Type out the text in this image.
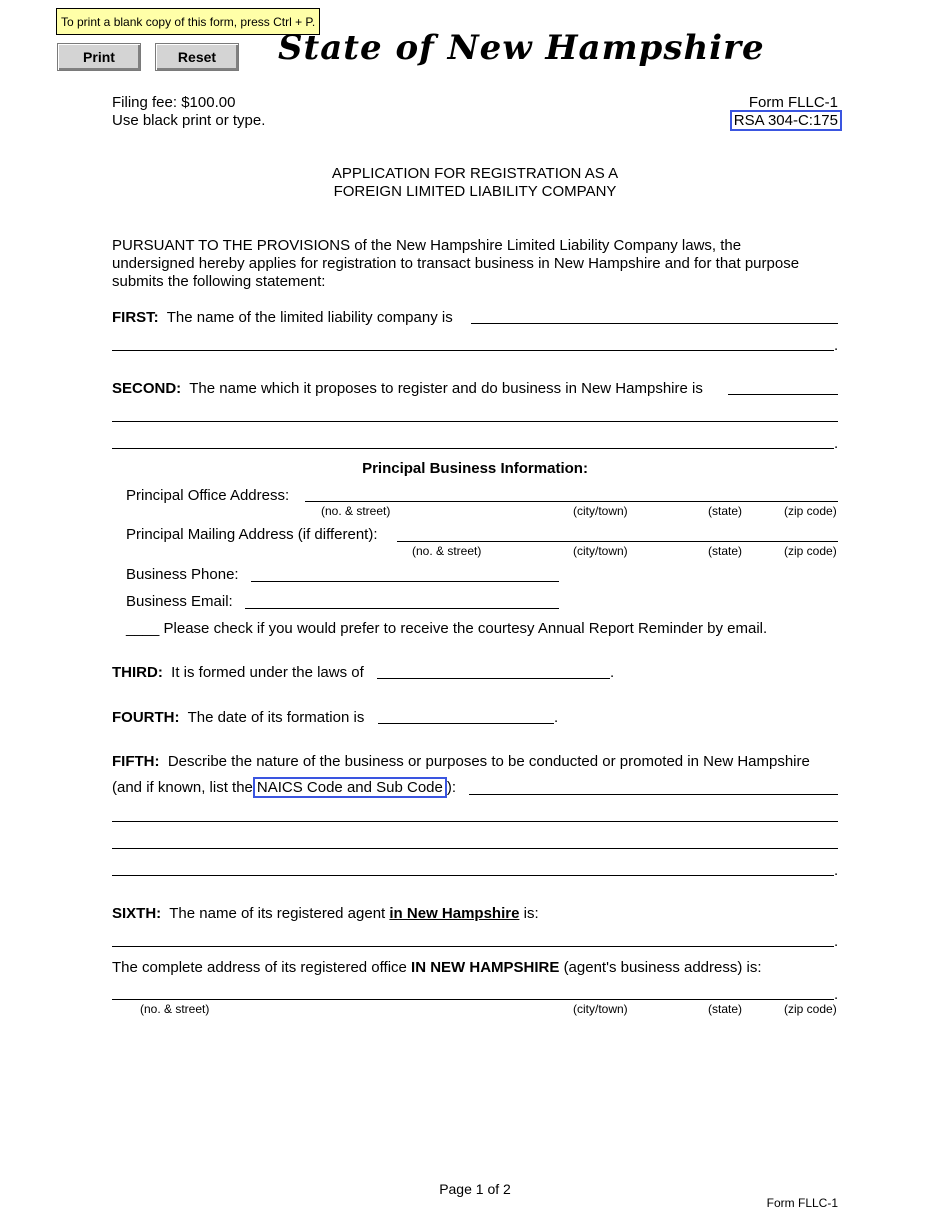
To print a blank copy of this form, press Ctrl + P.
Print	Reset	State of New Hampshire
Filing fee: $100.00
Use black print or type.
Form FLLC-1
RSA 304-C:175
APPLICATION FOR REGISTRATION AS A
FOREIGN LIMITED LIABILITY COMPANY
PURSUANT TO THE PROVISIONS of the New Hampshire Limited Liability Company laws, the
undersigned hereby applies for registration to transact business in New Hampshire and for that purpose
submits the following statement:
FIRST: The name of the limited liability company is
.
SECOND: The name which it proposes to register and do business in New Hampshire is
.
Principal Business Information:
Principal Office Address:
(no. & street)	(city/town)	(state)	(zip code)
Principal Mailing Address (if different):
(no. & street)	(city/town)	(state)	(zip code)
Business Phone:
Business Email:
____ Please check if you would prefer to receive the courtesy Annual Report Reminder by email.
THIRD: It is formed under the laws of	.
FOURTH: The date of its formation is	.
FIFTH: Describe the nature of the business or purposes to be conducted or promoted in New Hampshire
(and if known, list the NAICS Code and Sub Code ):
.
SIXTH: The name of its registered agent in New Hampshire is:
.
The complete address of its registered office IN NEW HAMPSHIRE (agent's business address) is:
.
(no. & street)	(city/town)	(state)	(zip code)
Page 1 of 2
Form FLLC-1
